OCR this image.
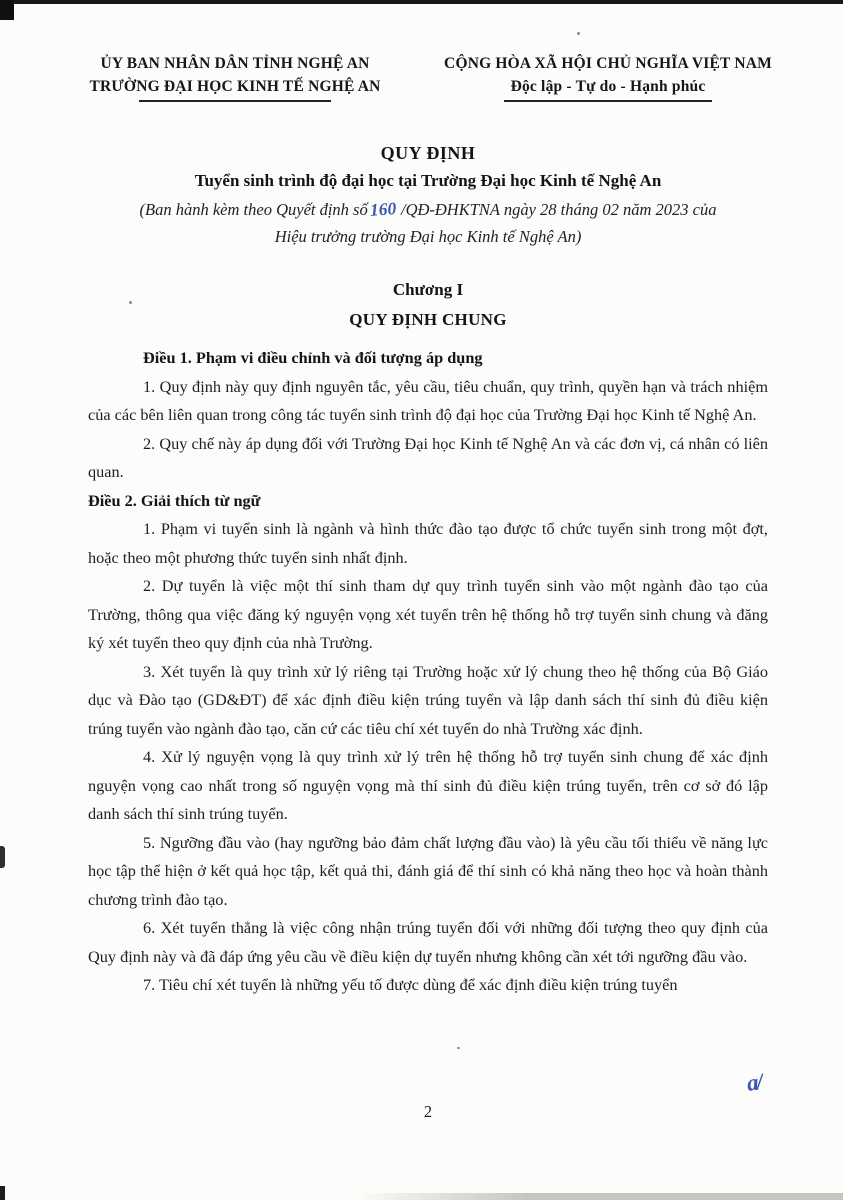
ỦY BAN NHÂN DÂN TỈNH NGHỆ AN
TRƯỜNG ĐẠI HỌC KINH TẾ NGHỆ AN
CỘNG HÒA XÃ HỘI CHỦ NGHĨA VIỆT NAM
Độc lập - Tự do - Hạnh phúc
QUY ĐỊNH
Tuyển sinh trình độ đại học tại Trường Đại học Kinh tế Nghệ An
(Ban hành kèm theo Quyết định số160 /QĐ-ĐHKTNA ngày 28 tháng 02 năm 2023 của
Hiệu trưởng trường Đại học Kinh tế Nghệ An)
Chương I
QUY ĐỊNH CHUNG
Điều 1. Phạm vi điều chỉnh và đối tượng áp dụng

1. Quy định này quy định nguyên tắc, yêu cầu, tiêu chuẩn, quy trình, quyền hạn và trách nhiệm của các bên liên quan trong công tác tuyển sinh trình độ đại học của Trường Đại học Kinh tế Nghệ An.

2. Quy chế này áp dụng đối với Trường Đại học Kinh tế Nghệ An và các đơn vị, cá nhân có liên quan.

Điều 2. Giải thích từ ngữ

1. Phạm vi tuyển sinh là ngành và hình thức đào tạo được tổ chức tuyển sinh trong một đợt, hoặc theo một phương thức tuyển sinh nhất định.

2. Dự tuyển là việc một thí sinh tham dự quy trình tuyển sinh vào một ngành đào tạo của Trường, thông qua việc đăng ký nguyện vọng xét tuyển trên hệ thống hỗ trợ tuyển sinh chung và đăng ký xét tuyển theo quy định của nhà Trường.

3. Xét tuyển là quy trình xử lý riêng tại Trường hoặc xử lý chung theo hệ thống của Bộ Giáo dục và Đào tạo (GD&ĐT) để xác định điều kiện trúng tuyển và lập danh sách thí sinh đủ điều kiện trúng tuyển vào ngành đào tạo, căn cứ các tiêu chí xét tuyển do nhà Trường xác định.

4. Xử lý nguyện vọng là quy trình xử lý trên hệ thống hỗ trợ tuyển sinh chung để xác định nguyện vọng cao nhất trong số nguyện vọng mà thí sinh đủ điều kiện trúng tuyển, trên cơ sở đó lập danh sách thí sinh trúng tuyển.

5. Ngưỡng đầu vào (hay ngưỡng bảo đảm chất lượng đầu vào) là yêu cầu tối thiểu về năng lực học tập thể hiện ở kết quả học tập, kết quả thi, đánh giá để thí sinh có khả năng theo học và hoàn thành chương trình đào tạo.

6. Xét tuyển thẳng là việc công nhận trúng tuyển đối với những đối tượng theo quy định của Quy định này và đã đáp ứng yêu cầu về điều kiện dự tuyển nhưng không cần xét tới ngưỡng đầu vào.

7. Tiêu chí xét tuyển là những yếu tố được dùng để xác định điều kiện trúng tuyển

2
a/
